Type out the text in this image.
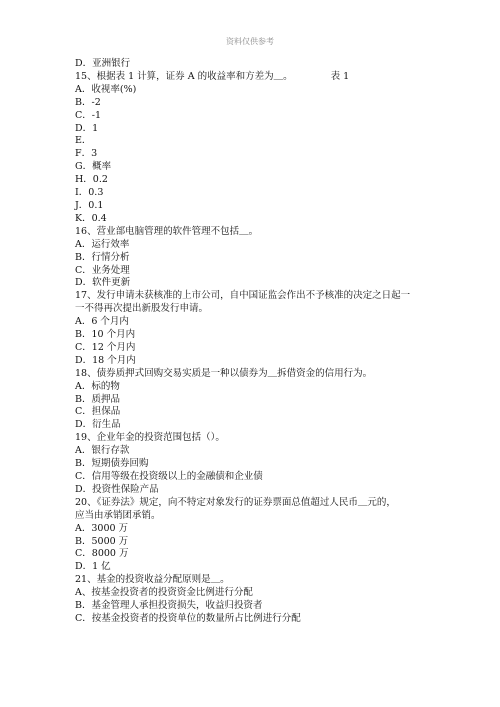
资料仅供参考
D．亚洲银行
15、根据表 1 计算，证券 A 的收益率和方差为＿。	表 1
A．收视率(%)
B．-2
C．-1
D．1
E．
F．3
G．概率
H．0.2
I．0.3
J．0.1
K．0.4
16、营业部电脑管理的软件管理不包括＿。
A．运行效率
B．行情分析
C．业务处理
D．软件更新
17、发行申请未获核准的上市公司，自中国证监会作出不予核准的决定之日起一
一不得再次提出新股发行申请。
A．6 个月内
B．10 个月内
C．12 个月内
D．18 个月内
18、债券质押式回购交易实质是一种以债券为＿拆借资金的信用行为。
A．标的物
B．质押品
C．担保品
D．衍生品
19、企业年金的投资范围包括（）。
A．银行存款
B．短期债券回购
C．信用等级在投资级以上的金融债和企业债
D．投资性保险产品
20、《证券法》规定，向不特定对象发行的证券票面总值超过人民币＿元的，
应当由承销团承销。
A．3000 万
B．5000 万
C．8000 万
D．1 亿
21、基金的投资收益分配原则是＿。
A、按基金投资者的投资资金比例进行分配
B．基金管理人承担投资损失，收益归投资者
C．按基金投资者的投资单位的数量所占比例进行分配
